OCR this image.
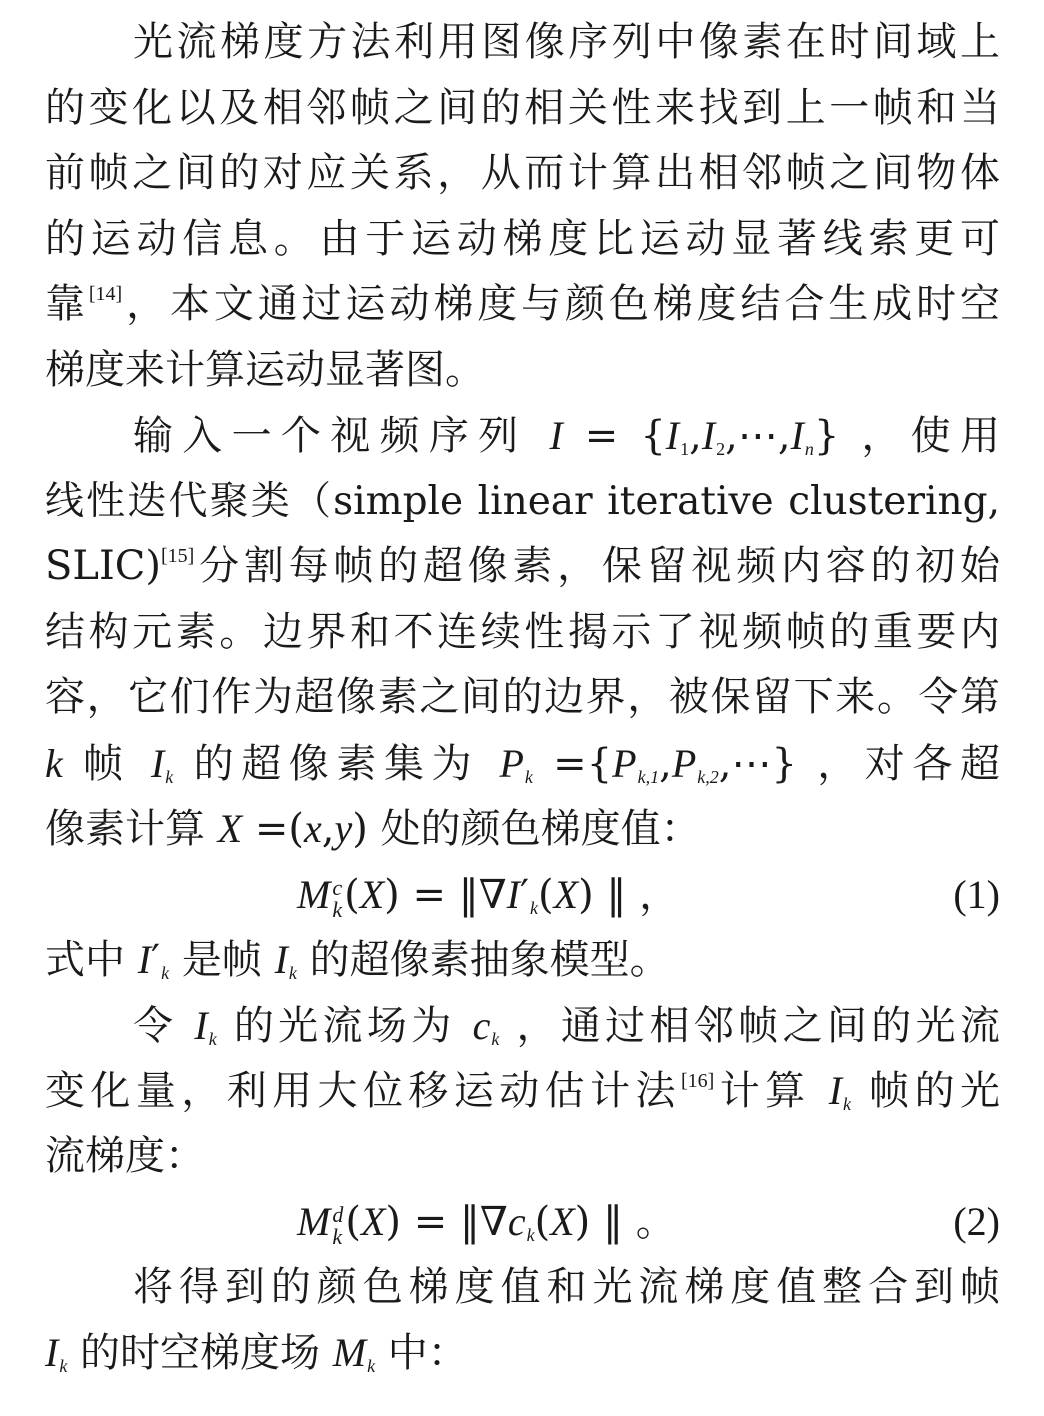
光流梯度方法利用图像序列中像素在时间域上
的变化以及相邻帧之间的相关性来找到上一帧和当
前帧之间的对应关系，从而计算出相邻帧之间物体
的运动信息。由于运动梯度比运动显著线索更可
靠[14]，本文通过运动梯度与颜色梯度结合生成时空
梯度来计算运动显著图。
输入一个视频序列 $I = \{I_1,I_2,\cdots,In\}$ ，使用
线性迭代聚类（simple linear iterative clustering,
SLIC)[15]分割每帧的超像素，保留视频内容的初始
结构元素。边界和不连续性揭示了视频帧的重要内
容，它们作为超像素之间的边界，被保留下来。令第
k 帧 Ik 的超像素集为 Pk ={Pk,1,Pk,2,⋯} ，对各超
像素计算 X =(x,y) 处的颜色梯度值：
M c
k (X) = ‖∇I′k(X) ‖ ，	(1)
式中 I′k 是帧 Ik 的超像素抽象模型。
令 Ik 的光流场为 ck ，通过相邻帧之间的光流
变化量，利用大位移运动估计法[16]计算 Ik 帧的光
流梯度：
M d
k (X) = ‖∇ck(X) ‖ 。	(2)
将得到的颜色梯度值和光流梯度值整合到帧
Ik 的时空梯度场 Mk 中：
